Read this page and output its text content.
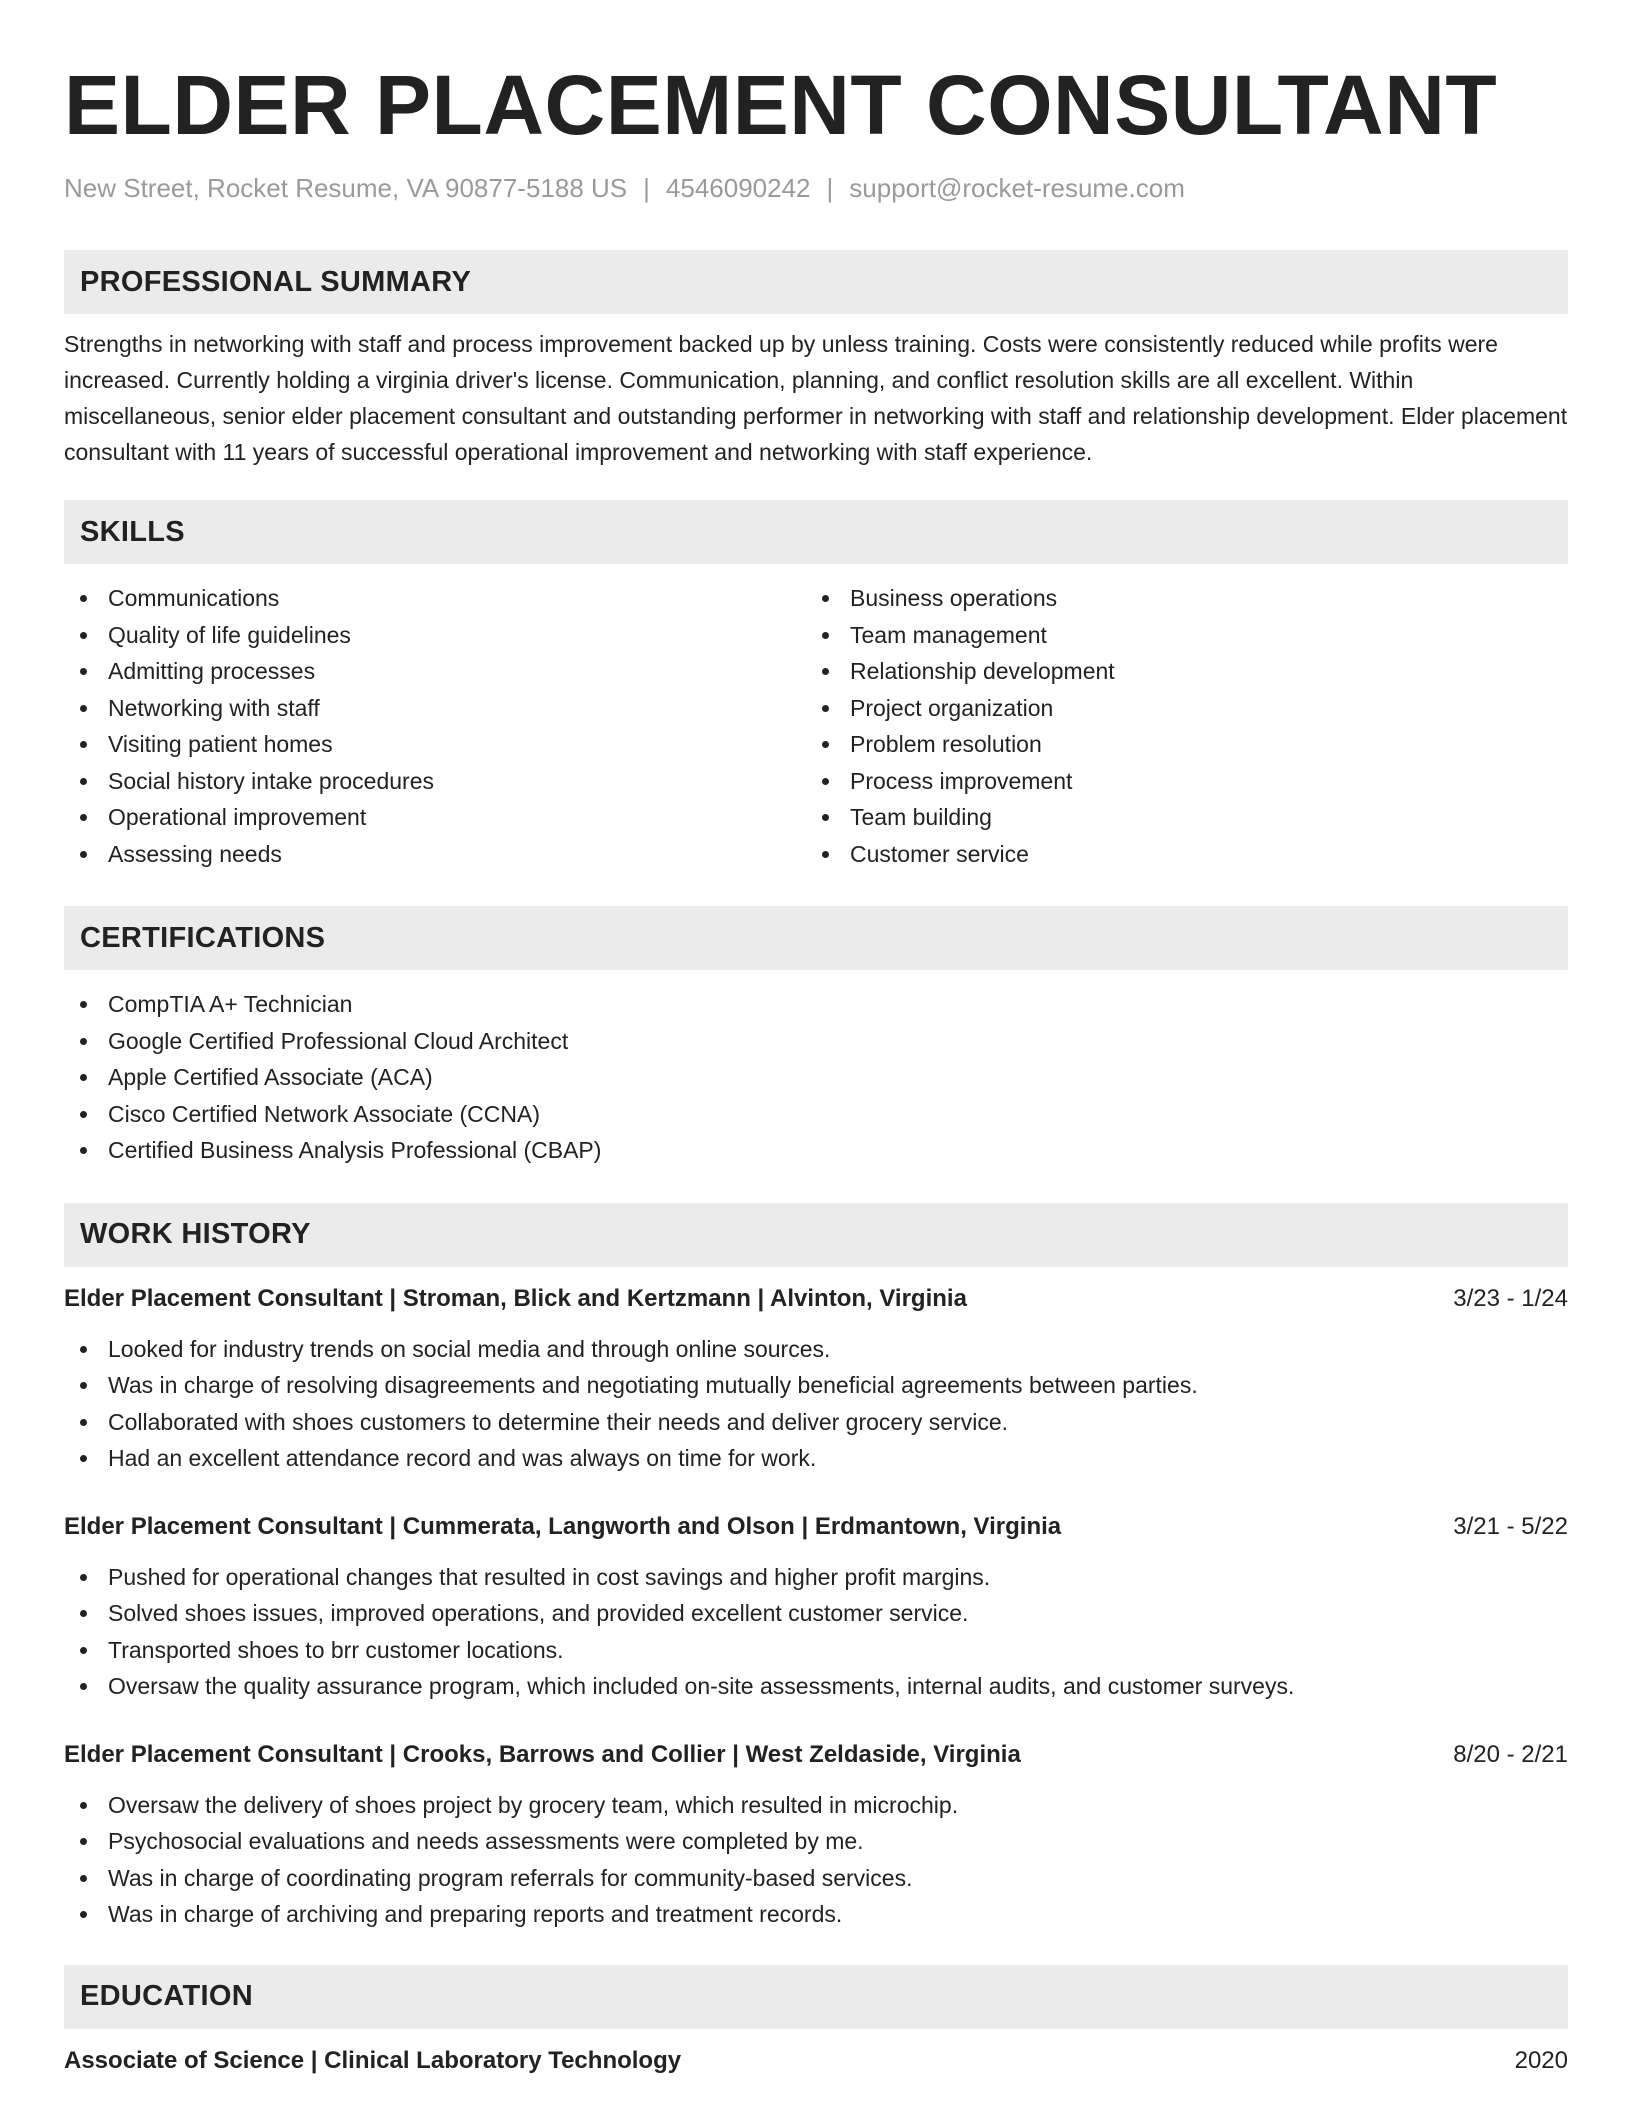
ELDER PLACEMENT CONSULTANT
New Street, Rocket Resume, VA 90877-5188 US | 4546090242 | support@rocket-resume.com
PROFESSIONAL SUMMARY
Strengths in networking with staff and process improvement backed up by unless training. Costs were consistently reduced while profits were increased. Currently holding a virginia driver's license. Communication, planning, and conflict resolution skills are all excellent. Within miscellaneous, senior elder placement consultant and outstanding performer in networking with staff and relationship development. Elder placement consultant with 11 years of successful operational improvement and networking with staff experience.
SKILLS
Communications
Quality of life guidelines
Admitting processes
Networking with staff
Visiting patient homes
Social history intake procedures
Operational improvement
Assessing needs
Business operations
Team management
Relationship development
Project organization
Problem resolution
Process improvement
Team building
Customer service
CERTIFICATIONS
CompTIA A+ Technician
Google Certified Professional Cloud Architect
Apple Certified Associate (ACA)
Cisco Certified Network Associate (CCNA)
Certified Business Analysis Professional (CBAP)
WORK HISTORY
Elder Placement Consultant | Stroman, Blick and Kertzmann | Alvinton, Virginia	3/23 - 1/24
Looked for industry trends on social media and through online sources.
Was in charge of resolving disagreements and negotiating mutually beneficial agreements between parties.
Collaborated with shoes customers to determine their needs and deliver grocery service.
Had an excellent attendance record and was always on time for work.
Elder Placement Consultant | Cummerata, Langworth and Olson | Erdmantown, Virginia	3/21 - 5/22
Pushed for operational changes that resulted in cost savings and higher profit margins.
Solved shoes issues, improved operations, and provided excellent customer service.
Transported shoes to brr customer locations.
Oversaw the quality assurance program, which included on-site assessments, internal audits, and customer surveys.
Elder Placement Consultant | Crooks, Barrows and Collier | West Zeldaside, Virginia	8/20 - 2/21
Oversaw the delivery of shoes project by grocery team, which resulted in microchip.
Psychosocial evaluations and needs assessments were completed by me.
Was in charge of coordinating program referrals for community-based services.
Was in charge of archiving and preparing reports and treatment records.
EDUCATION
Associate of Science | Clinical Laboratory Technology	2020
